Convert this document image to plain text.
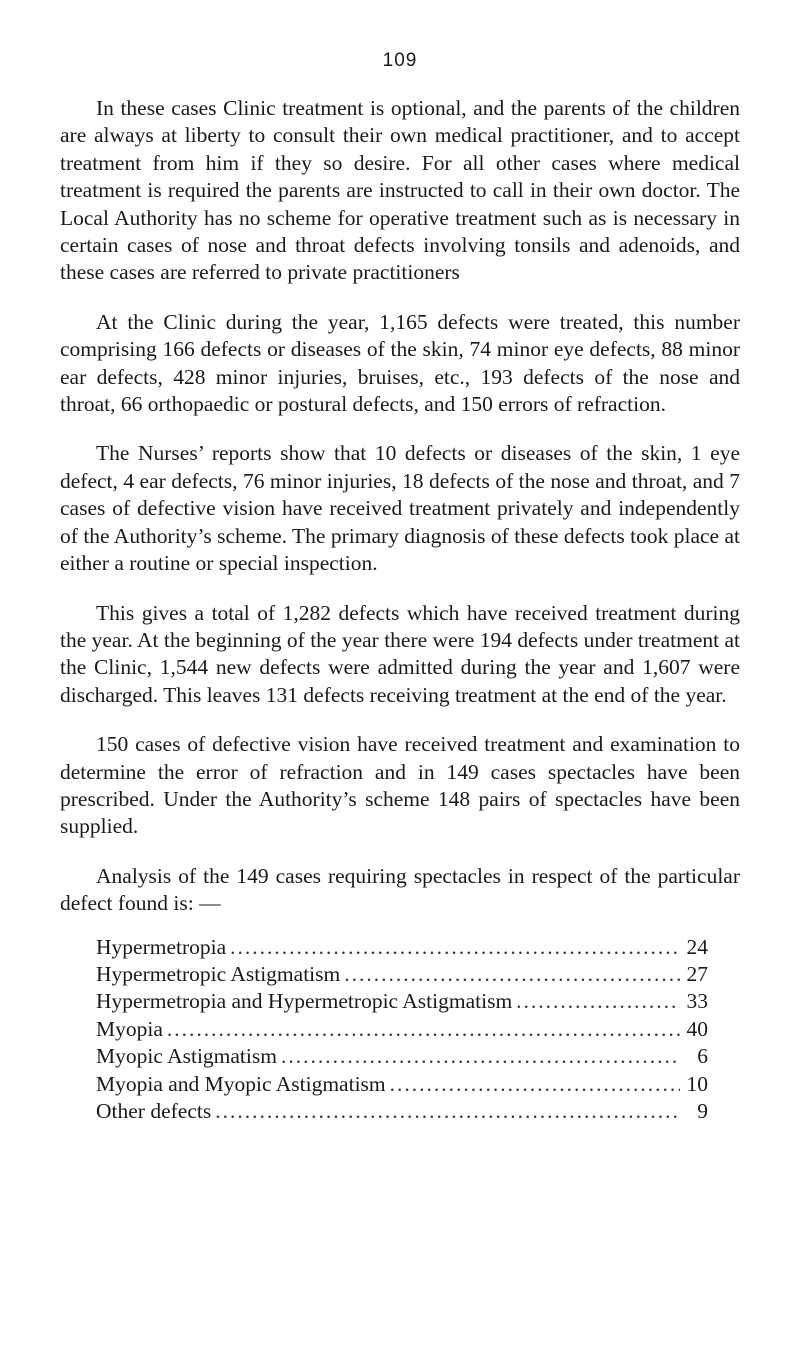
109

In these cases Clinic treatment is optional, and the parents of the children are always at liberty to consult their own medical practitioner, and to accept treatment from him if they so desire. For all other cases where medical treatment is required the parents are instructed to call in their own doctor. The Local Authority has no scheme for operative treatment such as is necessary in certain cases of nose and throat defects involving tonsils and adenoids, and these cases are referred to private practitioners

At the Clinic during the year, 1,165 defects were treated, this number comprising 166 defects or diseases of the skin, 74 minor eye defects, 88 minor ear defects, 428 minor injuries, bruises, etc., 193 defects of the nose and throat, 66 orthopaedic or postural defects, and 150 errors of refraction.

The Nurses’ reports show that 10 defects or diseases of the skin, 1 eye defect, 4 ear defects, 76 minor injuries, 18 defects of the nose and throat, and 7 cases of defective vision have received treatment privately and independently of the Authority’s scheme. The primary diagnosis of these defects took place at either a routine or special inspection.

This gives a total of 1,282 defects which have received treatment during the year. At the beginning of the year there were 194 defects under treatment at the Clinic, 1,544 new defects were admitted during the year and 1,607 were discharged. This leaves 131 defects receiving treatment at the end of the year.

150 cases of defective vision have received treatment and examination to determine the error of refraction and in 149 cases spectacles have been prescribed. Under the Authority’s scheme 148 pairs of spectacles have been supplied.

Analysis of the 149 cases requiring spectacles in respect of the particular defect found is: —

Hypermetropia .....	24
Hypermetropic Astigmatism .....	27
Hypermetropia and Hypermetropic Astigmatism .....	33
Myopia .....	40
Myopic Astigmatism .....	6
Myopia and Myopic Astigmatism .....	10
Other defects .....	9
